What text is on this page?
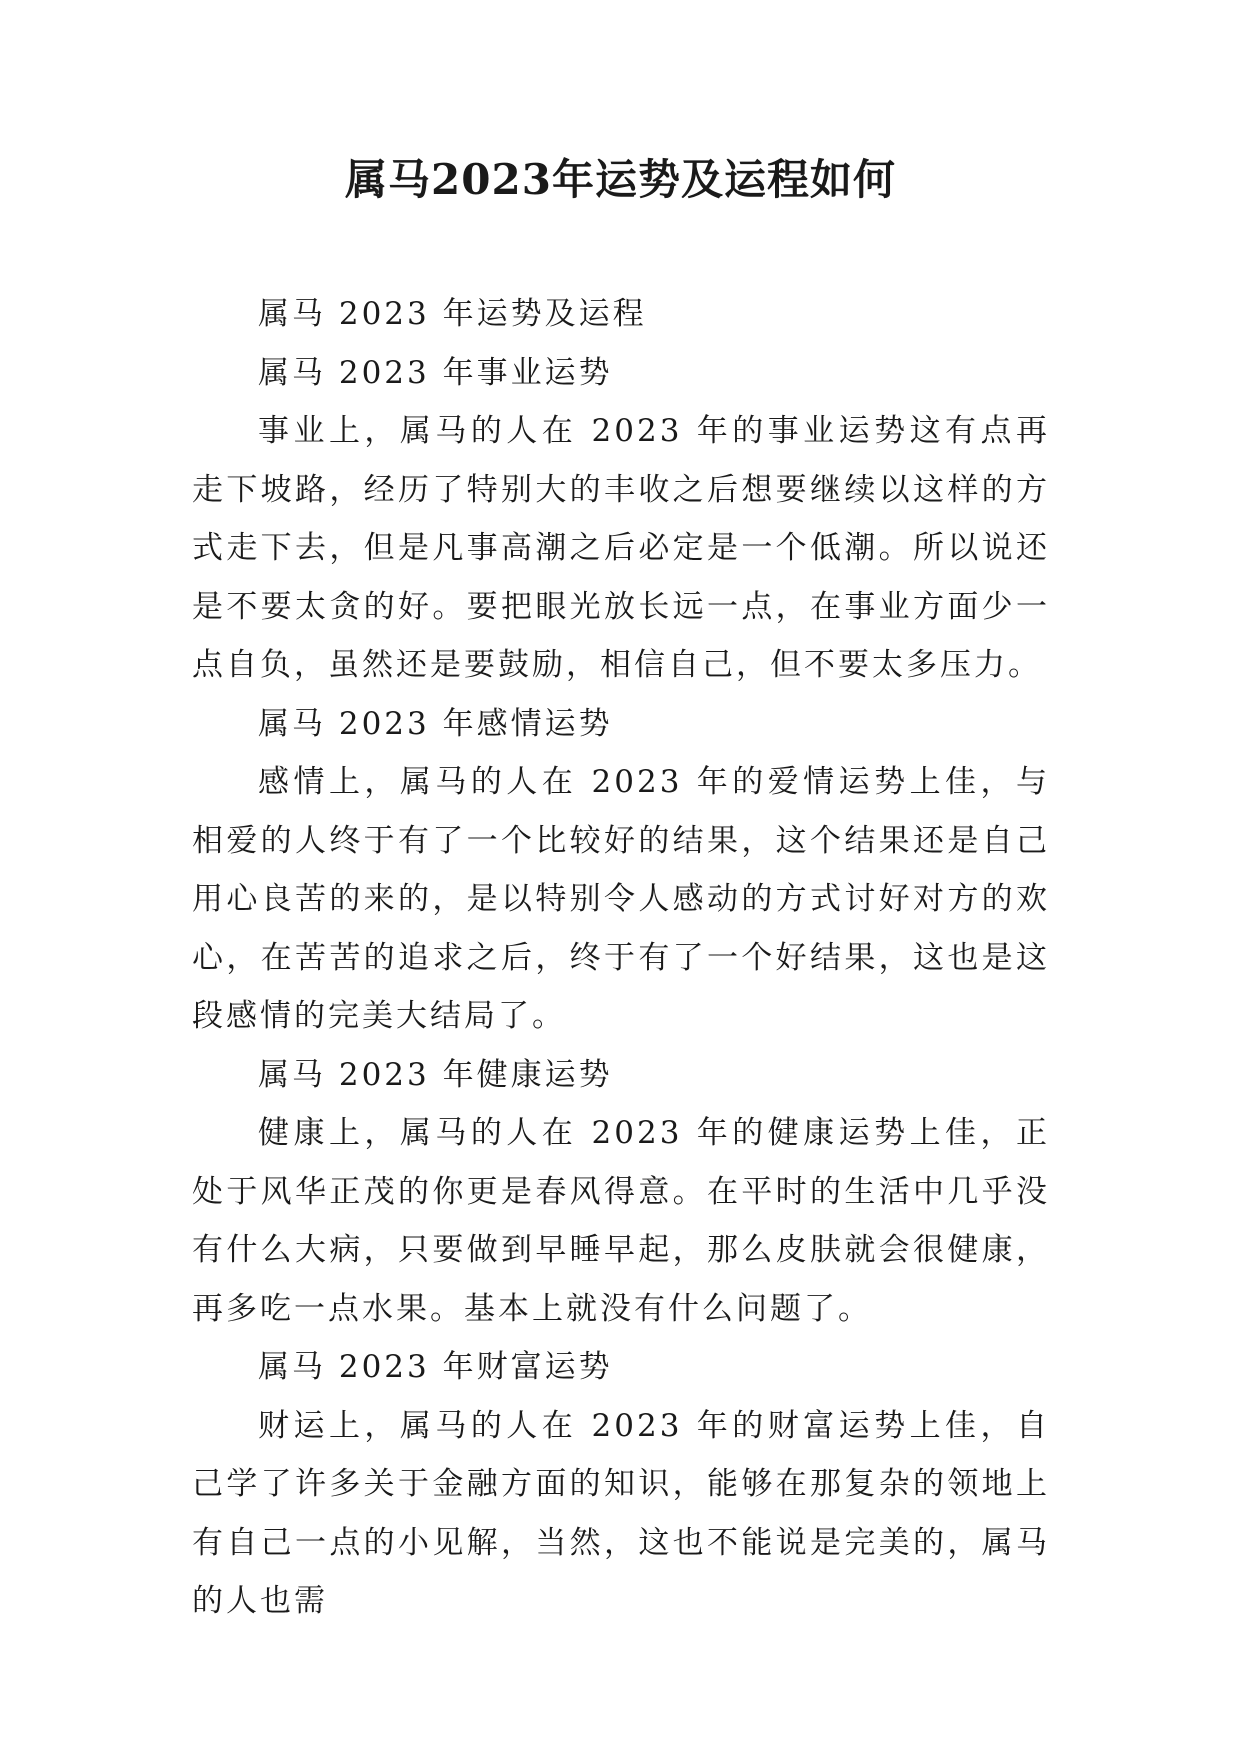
属马2023年运势及运程如何

属马 2023 年运势及运程

属马 2023 年事业运势

事业上，属马的人在 2023 年的事业运势这有点再走下坡路，经历了特别大的丰收之后想要继续以这样的方式走下去，但是凡事高潮之后必定是一个低潮。所以说还是不要太贪的好。要把眼光放长远一点，在事业方面少一点自负，虽然还是要鼓励，相信自己，但不要太多压力。

属马 2023 年感情运势

感情上，属马的人在 2023 年的爱情运势上佳，与相爱的人终于有了一个比较好的结果，这个结果还是自己用心良苦的来的，是以特别令人感动的方式讨好对方的欢心，在苦苦的追求之后，终于有了一个好结果，这也是这段感情的完美大结局了。

属马 2023 年健康运势

健康上，属马的人在 2023 年的健康运势上佳，正处于风华正茂的你更是春风得意。在平时的生活中几乎没有什么大病，只要做到早睡早起，那么皮肤就会很健康，再多吃一点水果。基本上就没有什么问题了。

属马 2023 年财富运势

财运上，属马的人在 2023 年的财富运势上佳，自己学了许多关于金融方面的知识，能够在那复杂的领地上有自己一点的小见解，当然，这也不能说是完美的，属马的人也需
